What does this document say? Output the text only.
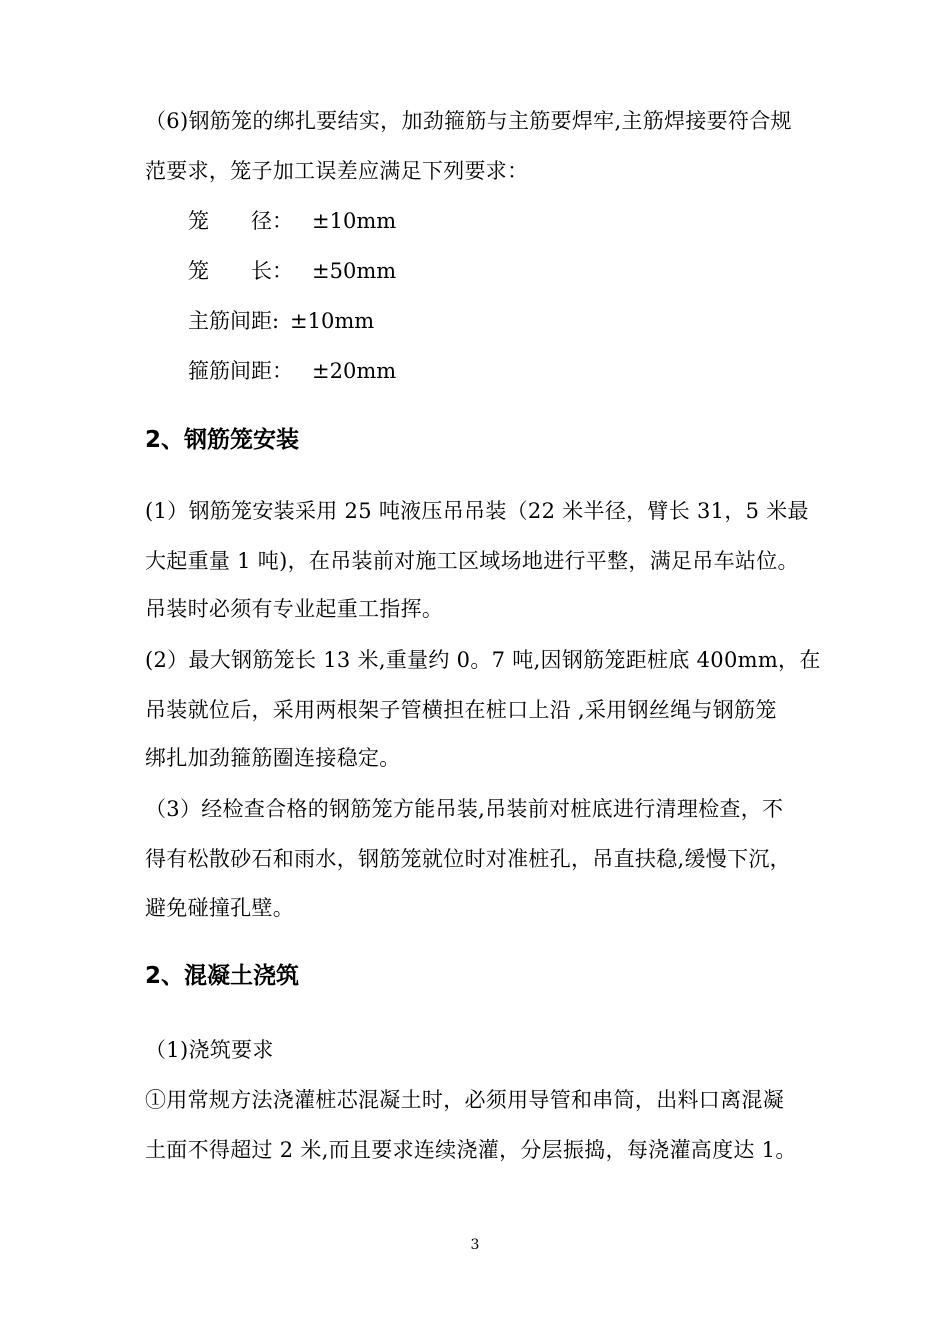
（6)钢筋笼的绑扎要结实，加劲箍筋与主筋要焊牢,主筋焊接要符合规
范要求，笼子加工误差应满足下列要求：
笼　　径： ±10mm
笼　　长： ±50mm
主筋间距: ±10mm
箍筋间距： ±20mm
2、钢筋笼安装
(1）钢筋笼安装采用 25 吨液压吊吊装（22 米半径，臂长 31，5 米最
大起重量 1 吨)，在吊装前对施工区域场地进行平整，满足吊车站位。
吊装时必须有专业起重工指挥。
(2）最大钢筋笼长 13 米,重量约 0。7 吨,因钢筋笼距桩底 400mm，在
吊装就位后，采用两根架子管横担在桩口上沿 ,采用钢丝绳与钢筋笼
绑扎加劲箍筋圈连接稳定。
（3）经检查合格的钢筋笼方能吊装,吊装前对桩底进行清理检查，不
得有松散砂石和雨水，钢筋笼就位时对准桩孔，吊直扶稳,缓慢下沉，
避免碰撞孔壁。
2、混凝土浇筑
（1)浇筑要求
①用常规方法浇灌桩芯混凝土时，必须用导管和串筒，出料口离混凝
土面不得超过 2 米,而且要求连续浇灌，分层振捣，每浇灌高度达 1。
3
